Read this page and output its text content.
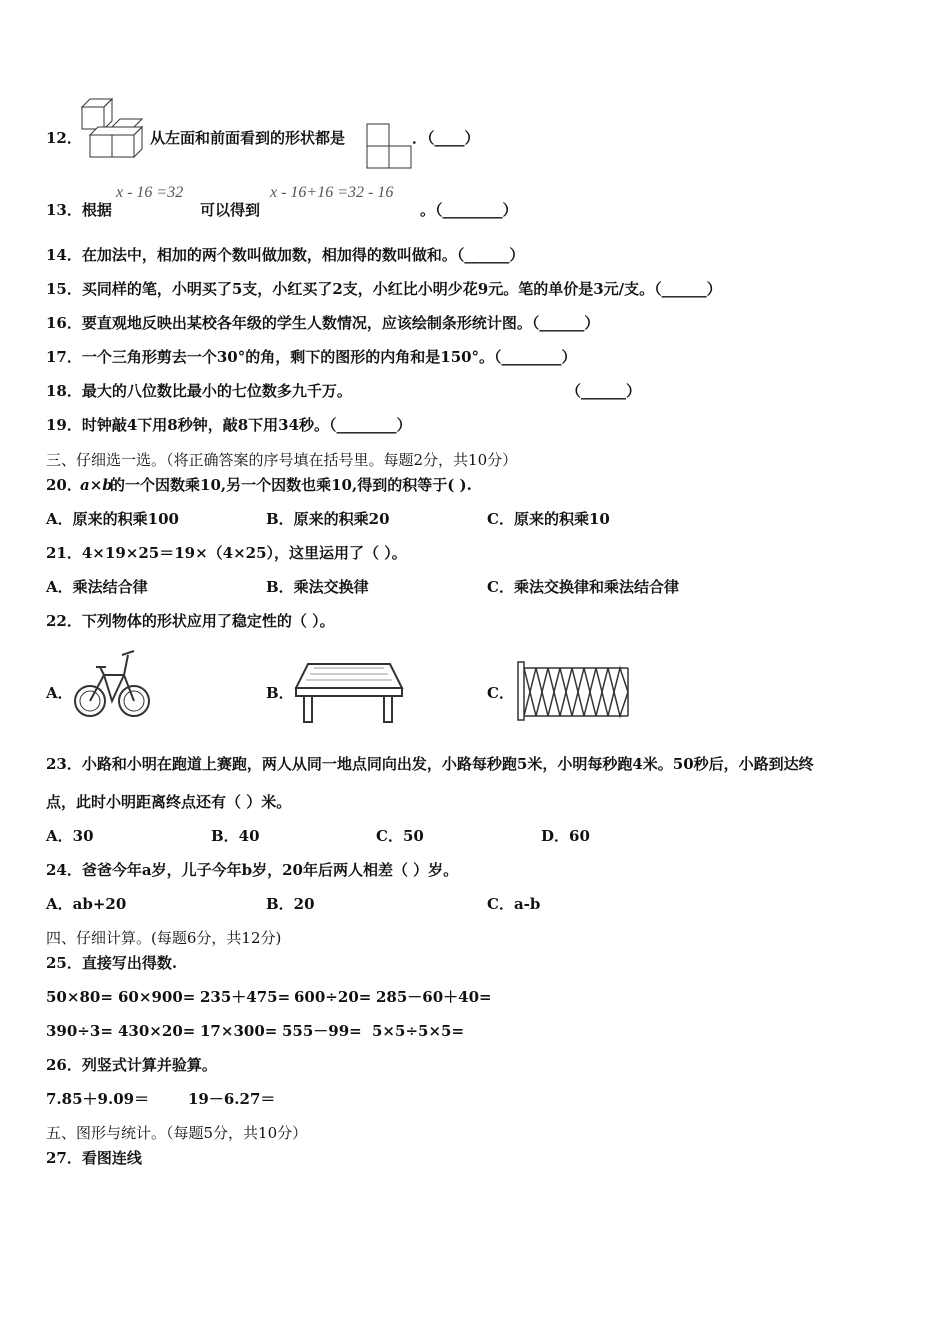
12．	从左面和前面看到的形状都是	．（____）
13．根据
x - 16 =32
可以得到
x - 16+16 =32 - 16
。（________）
14．在加法中，相加的两个数叫做加数，相加得的数叫做和。（______）
15．买同样的笔，小明买了5支，小红买了2支，小红比小明少花9元。笔的单价是3元/支。（______）
16．要直观地反映出某校各年级的学生人数情况，应该绘制条形统计图。（______）
17．一个三角形剪去一个30°的角，剩下的图形的内角和是150°。（________）
18．最大的八位数比最小的七位数多九千万。	（______）
19．时钟敲4下用8秒钟，敲8下用34秒。（________）
三、仔细选一选。（将正确答案的序号填在括号里。每题2分，共10分）
20．
a×b
的一个因数乘10,另一个因数也乘10,得到的积等于( ).
A．原来的积乘100	B．原来的积乘20	C．原来的积乘10
21．4×19×25＝19×（4×25），这里运用了（ ）。
A．乘法结合律	B．乘法交换律	C．乘法交换律和乘法结合律
22．下列物体的形状应用了稳定性的（ ）。
A．	B．	C．
23．小路和小明在跑道上赛跑，两人从同一地点同向出发，小路每秒跑5米，小明每秒跑4米。50秒后，小路到达终
点，此时小明距离终点还有（ ）米。
A．30	B．40	C．50	D．60
24．爸爸今年a岁，儿子今年b岁，20年后两人相差（ ）岁。
A．ab+20	B．20	C．a-b
四、仔细计算。(每题6分，共12分)
25．直接写出得数.
50×80= 60×900= 235＋475= 600÷20= 285－60＋40=
390÷3= 430×20= 17×300= 555－99= 5×5÷5×5=
26．列竖式计算并验算。
7.85＋9.09＝	19－6.27＝
五、图形与统计。（每题5分，共10分）
27．看图连线
